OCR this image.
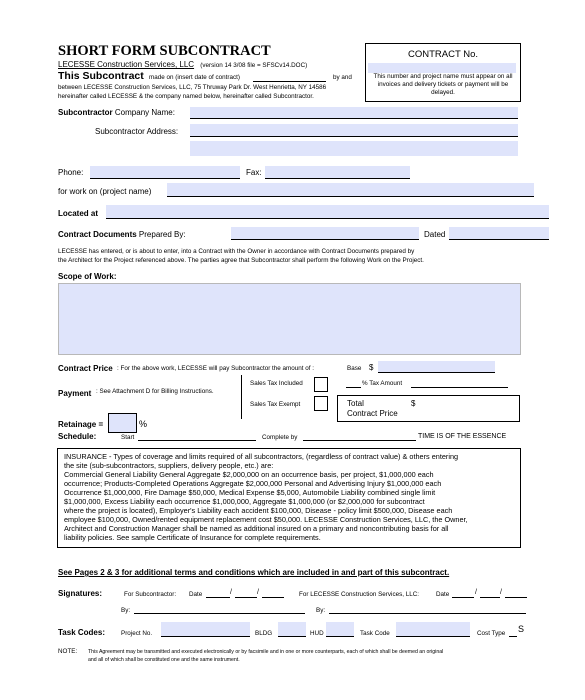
SHORT FORM SUBCONTRACT
LECESSE Construction Services, LLC (version 14 3/08 file = SFSCv14.DOC)
This Subcontract made on (insert date of contract)	by and
between LECESSE Construction Services, LLC, 75 Thruway Park Dr. West Henrietta, NY 14586
hereinafter called LECESSE & the company named below, hereinafter called Subcontractor.
CONTRACT No.
This number and project name must appear on all
invoices and delivery tickets or payment will be
delayed.
Subcontractor Company Name:
Subcontractor Address:
Phone:	Fax:
for work on (project name)
Located at
Contract Documents Prepared By:	Dated
LECESSE has entered, or is about to enter, into a Contract with the Owner in accordance with Contract Documents prepared by
the Architect for the Project referenced above. The parties agree that Subcontractor shall perform the following Work on the Project.
Scope of Work:
Contract Price : For the above work, LECESSE will pay Subcontractor the amount of :	Base $
Payment : See Attachment D for Billing Instructions.
Sales Tax Included
Sales Tax Exempt
% Tax Amount
Total	$
Contract Price
Retainage =	%
Schedule:	Start	Complete by	TIME IS OF THE ESSENCE
INSURANCE - Types of coverage and limits required of all subcontractors, (regardless of contract value) & others entering
the site (sub-subcontractors, suppliers, delivery people, etc.) are:
Commercial General Liability General Aggregate $2,000,000 on an occurrence basis, per project, $1,000,000 each
occurrence; Products-Completed Operations Aggregate $2,000,000 Personal and Advertising Injury $1,000,000 each
Occurrence $1,000,000, Fire Damage $50,000, Medical Expense $5,000, Automobile Liability combined single limit
$1,000,000, Excess Liability each occurrence $1,000,000, Aggregate $1,000,000 (or $2,000,000 for subcontract
where the project is located), Employer's Liability each accident $100,000, Disease - policy limit $500,000, Disease each
employee $100,000, Owned/rented equipment replacement cost $50,000. LECESSE Construction Services, LLC, the Owner,
Architect and Construction Manager shall be named as additional insured on a primary and noncontributing basis for all
liability policies. See sample Certificate of Insurance for complete requirements.
See Pages 2 & 3 for additional terms and conditions which are included in and part of this subcontract.
Signatures:	For Subcontractor: Date	/	/	For LECESSE Construction Services, LLC:	Date	/	/
By:	By:
Task Codes:	Project No.	BLDG	HUD	Task Code	Cost Type S
NOTE: This Agreement may be transmitted and executed electronically or by facsimile and in one or more counterparts, each of which shall be deemed an original
and all of which shall be constituted one and the same instrument.
